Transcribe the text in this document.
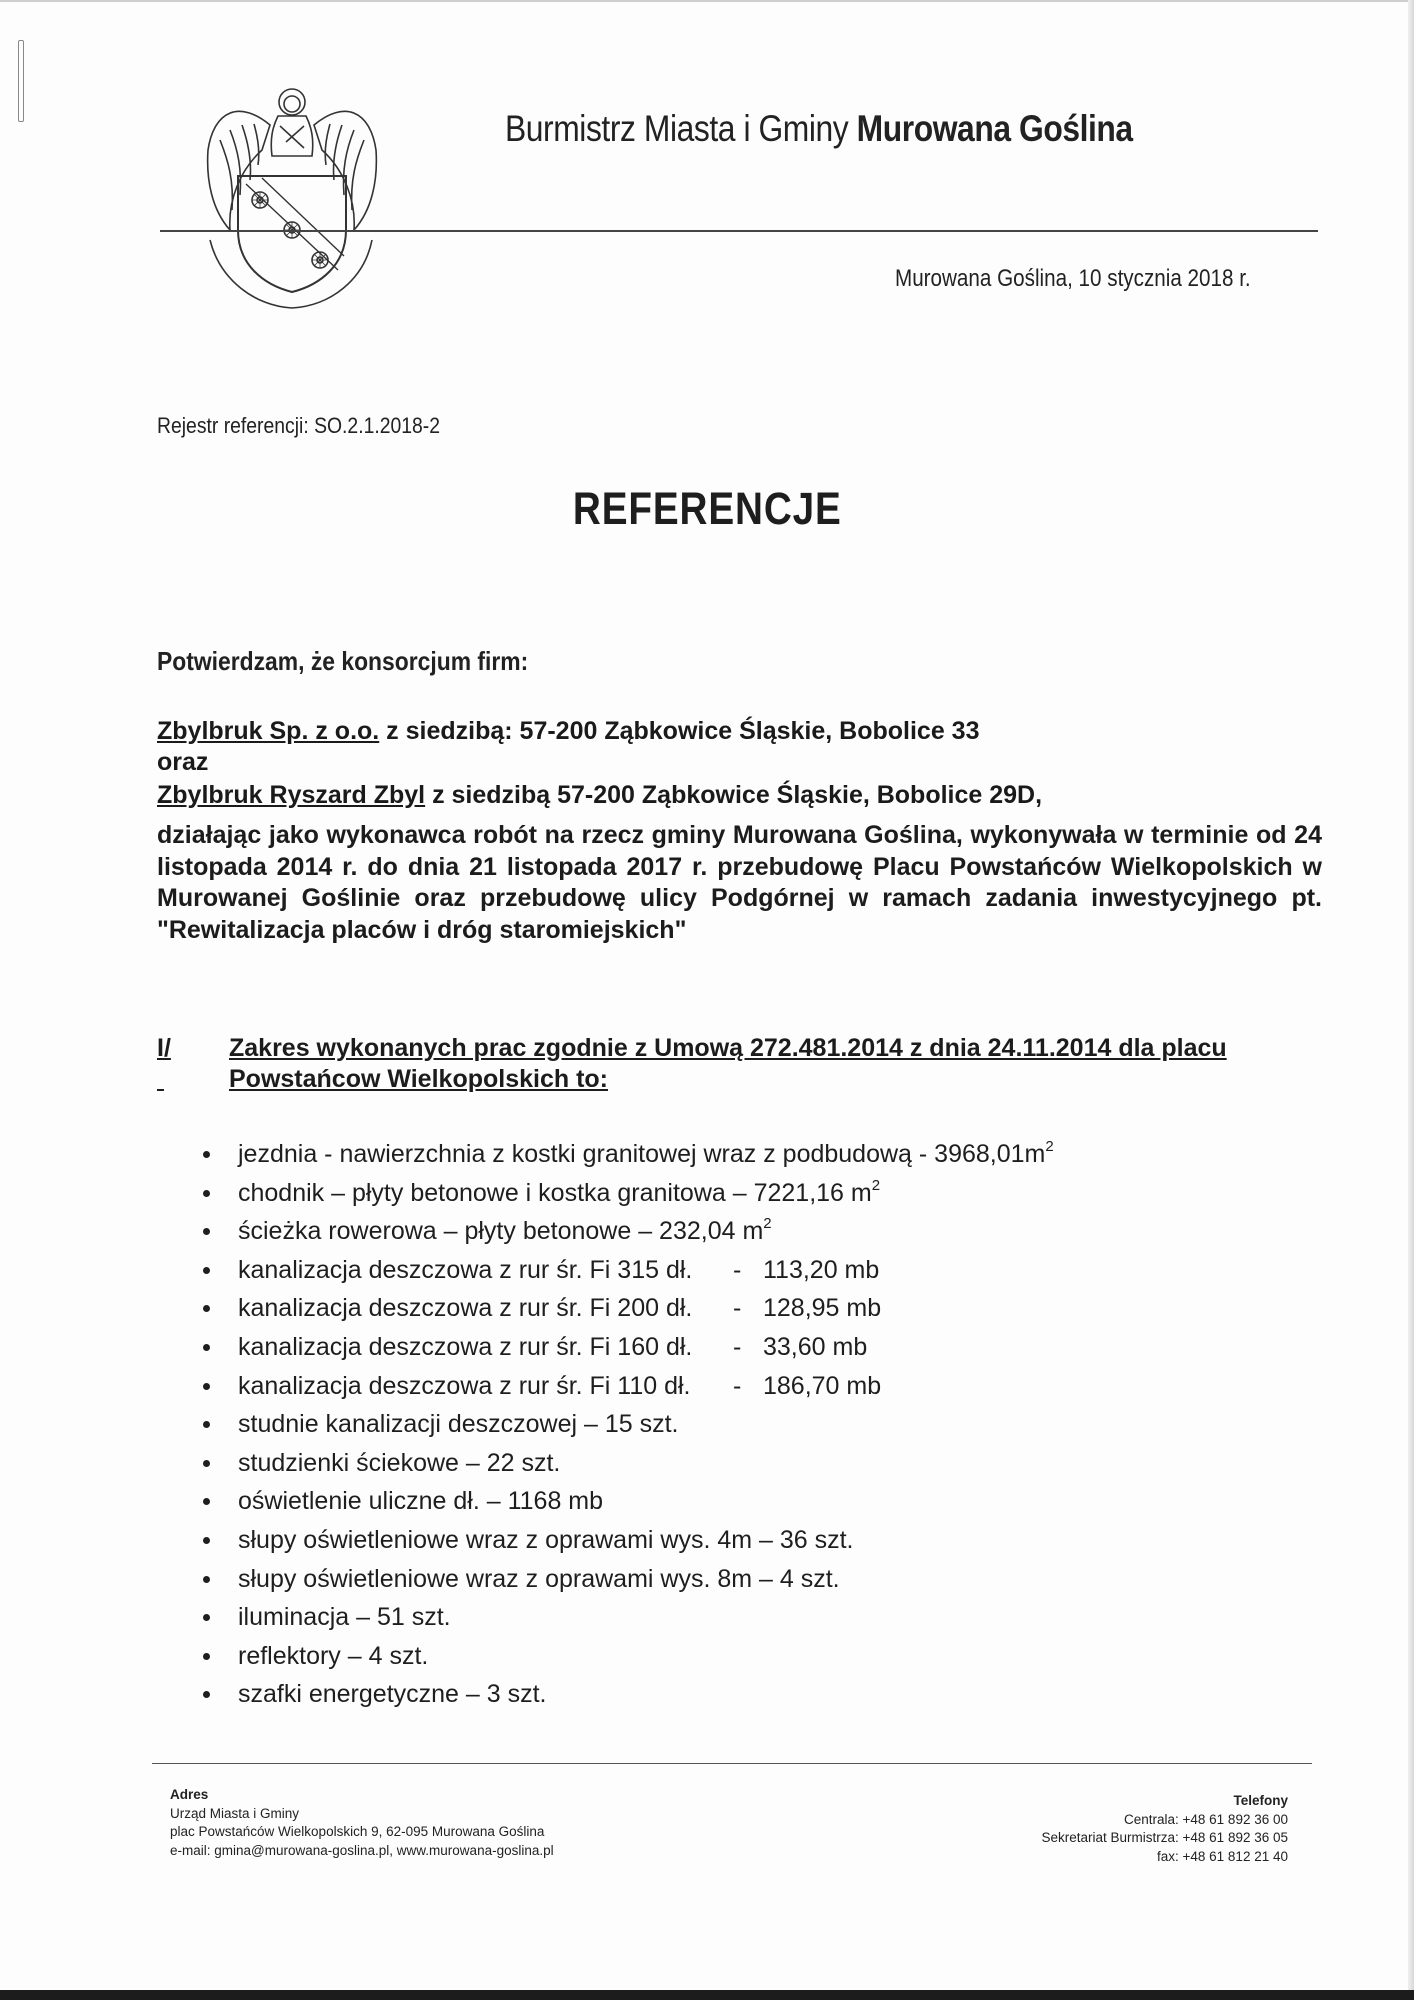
Burmistrz Miasta i Gminy Murowana Goślina
Murowana Goślina, 10 stycznia 2018 r.
Rejestr referencji: SO.2.1.2018-2
REFERENCJE
Potwierdzam, że konsorcjum firm:
Zbylbruk Sp. z o.o. z siedzibą: 57-200 Ząbkowice Śląskie, Bobolice 33
oraz
Zbylbruk Ryszard Zbyl z siedzibą 57-200 Ząbkowice Śląskie, Bobolice 29D,
działając jako wykonawca robót na rzecz gminy Murowana Goślina, wykonywała w terminie od 24 listopada 2014 r. do dnia 21 listopada 2017 r. przebudowę Placu Powstańców Wielkopolskich w Murowanej Goślinie oraz przebudowę ulicy Podgórnej w ramach zadania inwestycyjnego pt. "Rewitalizacja placów i dróg staromiejskich"
I/ Zakres wykonanych prac zgodnie z Umową 272.481.2014 z dnia 24.11.2014 dla placu
Powstańcow Wielkopolskich to:
jezdnia - nawierzchnia z kostki granitowej wraz z podbudową - $3968,01m^2$
chodnik – płyty betonowe i kostka granitowa – 7221,16 $m^2$
ścieżka rowerowa – płyty betonowe – 232,04 $m^2$
kanalizacja deszczowa z rur śr. Fi 315 dł. - 113,20 mb
kanalizacja deszczowa z rur śr. Fi 200 dł. - 128,95 mb
kanalizacja deszczowa z rur śr. Fi 160 dł. - 33,60 mb
kanalizacja deszczowa z rur śr. Fi 110 dł. - 186,70 mb
studnie kanalizacji deszczowej – 15 szt.
studzienki ściekowe – 22 szt.
oświetlenie uliczne dł. – 1168 mb
słupy oświetleniowe wraz z oprawami wys. 4m – 36 szt.
słupy oświetleniowe wraz z oprawami wys. 8m – 4 szt.
iluminacja – 51 szt.
reflektory – 4 szt.
szafki energetyczne – 3 szt.
Adres
Urząd Miasta i Gminy
plac Powstańców Wielkopolskich 9, 62-095 Murowana Goślina
e-mail: gmina@murowana-goslina.pl, www.murowana-goslina.pl
Telefony
Centrala: +48 61 892 36 00
Sekretariat Burmistrza: +48 61 892 36 05
fax: +48 61 812 21 40
